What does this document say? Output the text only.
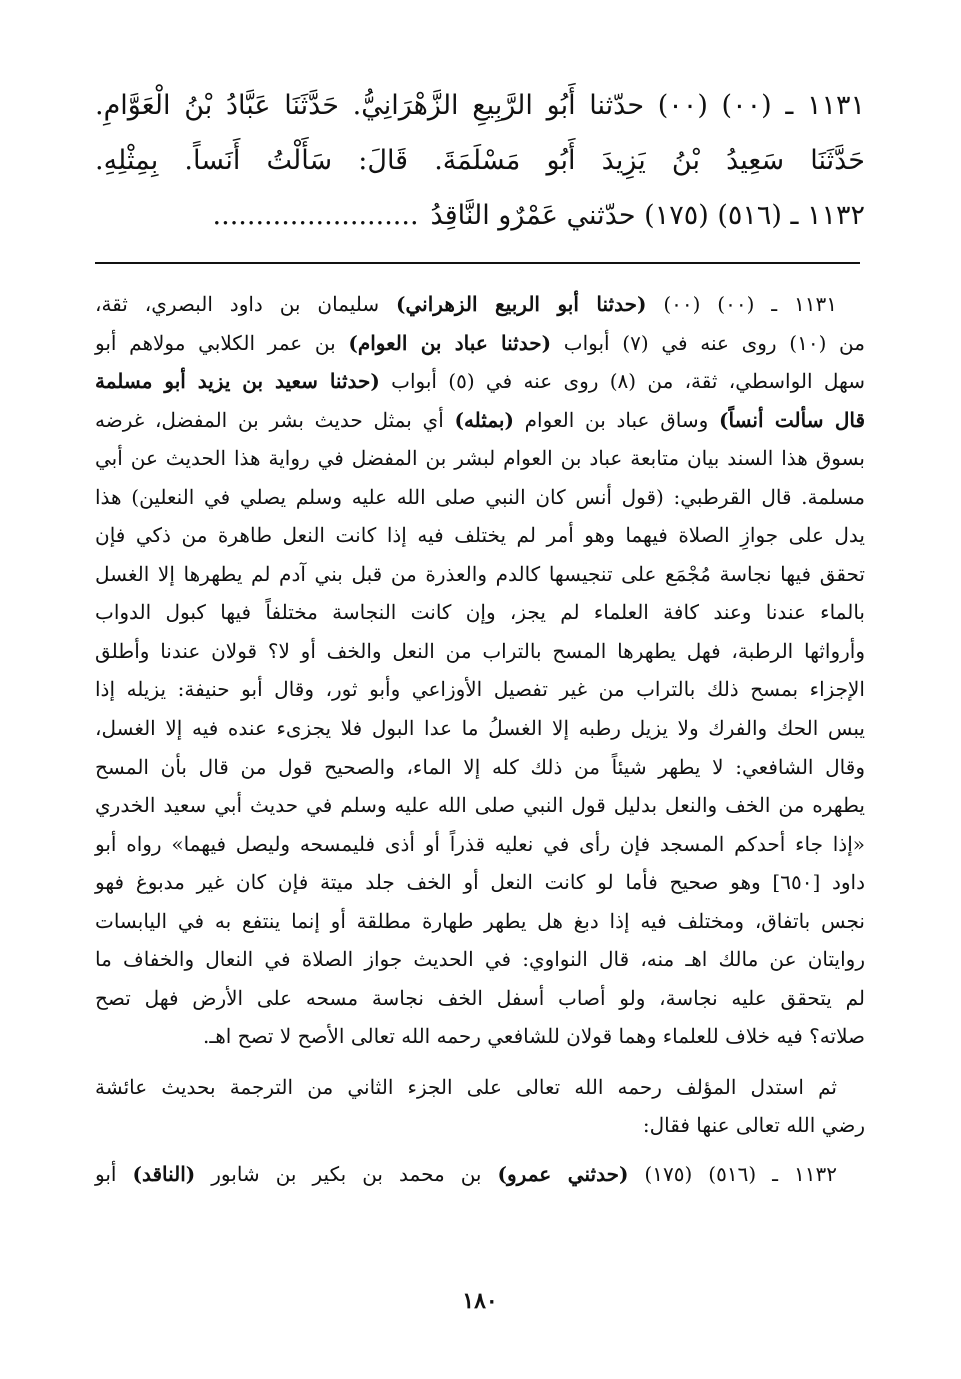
١١٣١ ـ (٠٠) (٠٠) حدّثنا أَبُو الرَّبِيعِ الزَّهْرَانِيُّ. حَدَّثَنَا عَبَّادُ بْنُ الْعَوَّامِ.
حَدَّثَنَا سَعِيدُ بْنُ يَزِيدَ أَبُو مَسْلَمَةَ. قَالَ: سَأَلْتُ أَنَساً. بِمِثْلِهِ.
١١٣٢ ـ (٥١٦) (١٧٥) حدّثني عَمْرٌو النَّاقِدُ........................
١١٣١ ـ (٠٠) (٠٠) (حدثنا أبو الربيع الزهراني) سليمان بن داود البصري، ثقة،
من (١٠) روى عنه في (٧) أبواب (حدثنا عباد بن العوام) بن عمر الكلابي مولاهم أبو
سهل الواسطي، ثقة، من (٨) روى عنه في (٥) أبواب (حدثنا سعيد بن يزيد أبو مسلمة
قال سألت أنساً) وساق عباد بن العوام (بمثله) أي بمثل حديث بشر بن المفضل، غرضه
بسوق هذا السند بيان متابعة عباد بن العوام لبشر بن المفضل في رواية هذا الحديث عن أبي
مسلمة. قال القرطبي: (قول أنس كان النبي صلى الله عليه وسلم يصلي في النعلين) هذا
يدل على جوازِ الصلاة فيهما وهو أمر لم يختلف فيه إذا كانت النعل طاهرة من ذكي فإن
تحقق فيها نجاسة مُجْمَع على تنجيسها كالدم والعذرة من قبل بني آدم لم يطهرها إلا الغسل
بالماء عندنا وعند كافة العلماء لم يجز، وإن كانت النجاسة مختلفاً فيها كبول الدواب
وأرواثها الرطبة، فهل يطهرها المسح بالتراب من النعل والخف أو لا؟ قولان عندنا وأطلق
الإجزاء بمسح ذلك بالتراب من غير تفصيل الأوزاعي وأبو ثور، وقال أبو حنيفة: يزيله إذا
يبس الحك والفرك ولا يزيل رطبه إلا الغسلُ ما عدا البول فلا يجزىء عنده فيه إلا الغسل،
وقال الشافعي: لا يطهر شيئاً من ذلك كله إلا الماء، والصحيح قول من قال بأن المسح
يطهره من الخف والنعل بدليل قول النبي صلى الله عليه وسلم في حديث أبي سعيد الخدري
«إذا جاء أحدكم المسجد فإن رأى في نعليه قذراً أو أذى فليمسحه وليصل فيهما» رواه أبو
داود [٦٥٠] وهو صحيح فأما لو كانت النعل أو الخف جلد ميتة فإن كان غير مدبوغ فهو
نجس باتفاق، ومختلف فيه إذا دبغ هل يطهر طهارة مطلقة أو إنما ينتفع به في اليابسات
روايتان عن مالك اهـ منه، قال النواوي: في الحديث جواز الصلاة في النعال والخفاف ما
لم يتحقق عليه نجاسة، ولو أصاب أسفل الخف نجاسة مسحه على الأرض فهل تصح
صلاته؟ فيه خلاف للعلماء وهما قولان للشافعي رحمه الله تعالى الأصح لا تصح اهـ.
ثم استدل المؤلف رحمه الله تعالى على الجزء الثاني من الترجمة بحديث عائشة
رضي الله تعالى عنها فقال:
١١٣٢ ـ (٥١٦) (١٧٥) (حدثني عمرو) بن محمد بن بكير بن شابور (الناقد) أبو
١٨٠
